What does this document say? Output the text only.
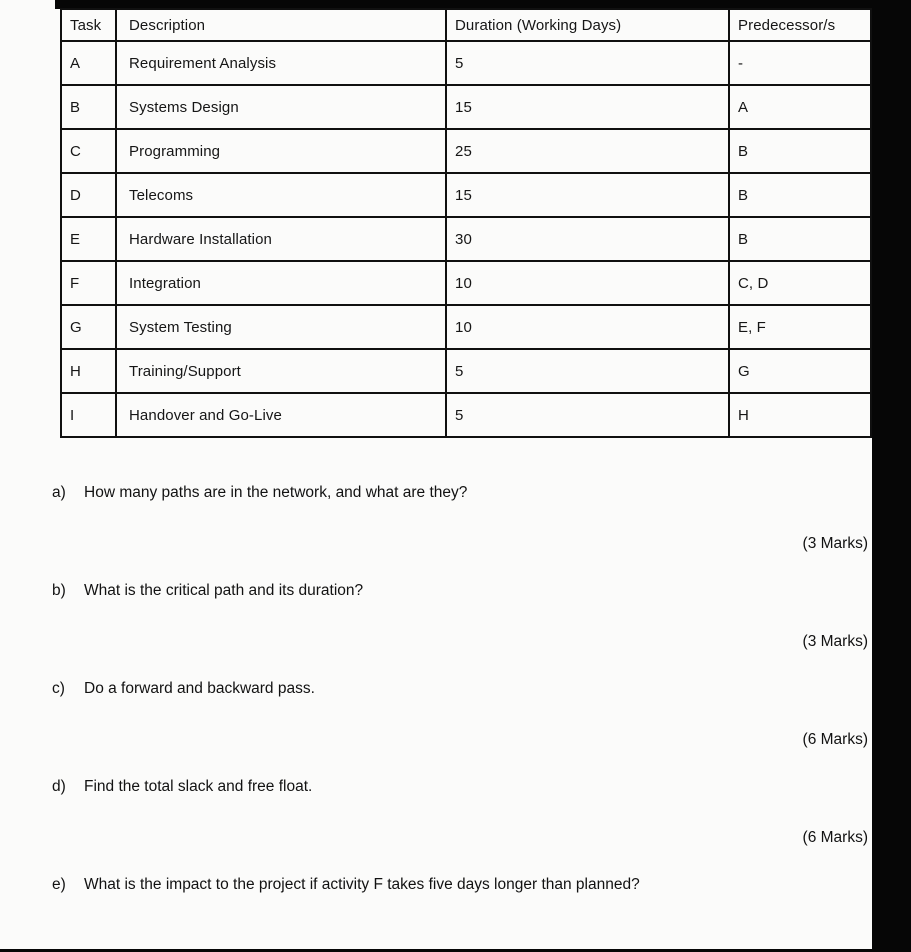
Task	Description	Duration (Working Days)	Predecessor/s
A	Requirement Analysis	5	-
B	Systems Design	15	A
C	Programming	25	B
D	Telecoms	15	B
E	Hardware Installation	30	B
F	Integration	10	C, D
G	System Testing	10	E, F
H	Training/Support	5	G
I	Handover and Go-Live	5	H
a)	How many paths are in the network, and what are they?
(3 Marks)
b)	What is the critical path and its duration?
(3 Marks)
c)	Do a forward and backward pass.
(6 Marks)
d)	Find the total slack and free float.
(6 Marks)
e)	What is the impact to the project if activity F takes five days longer than planned?
